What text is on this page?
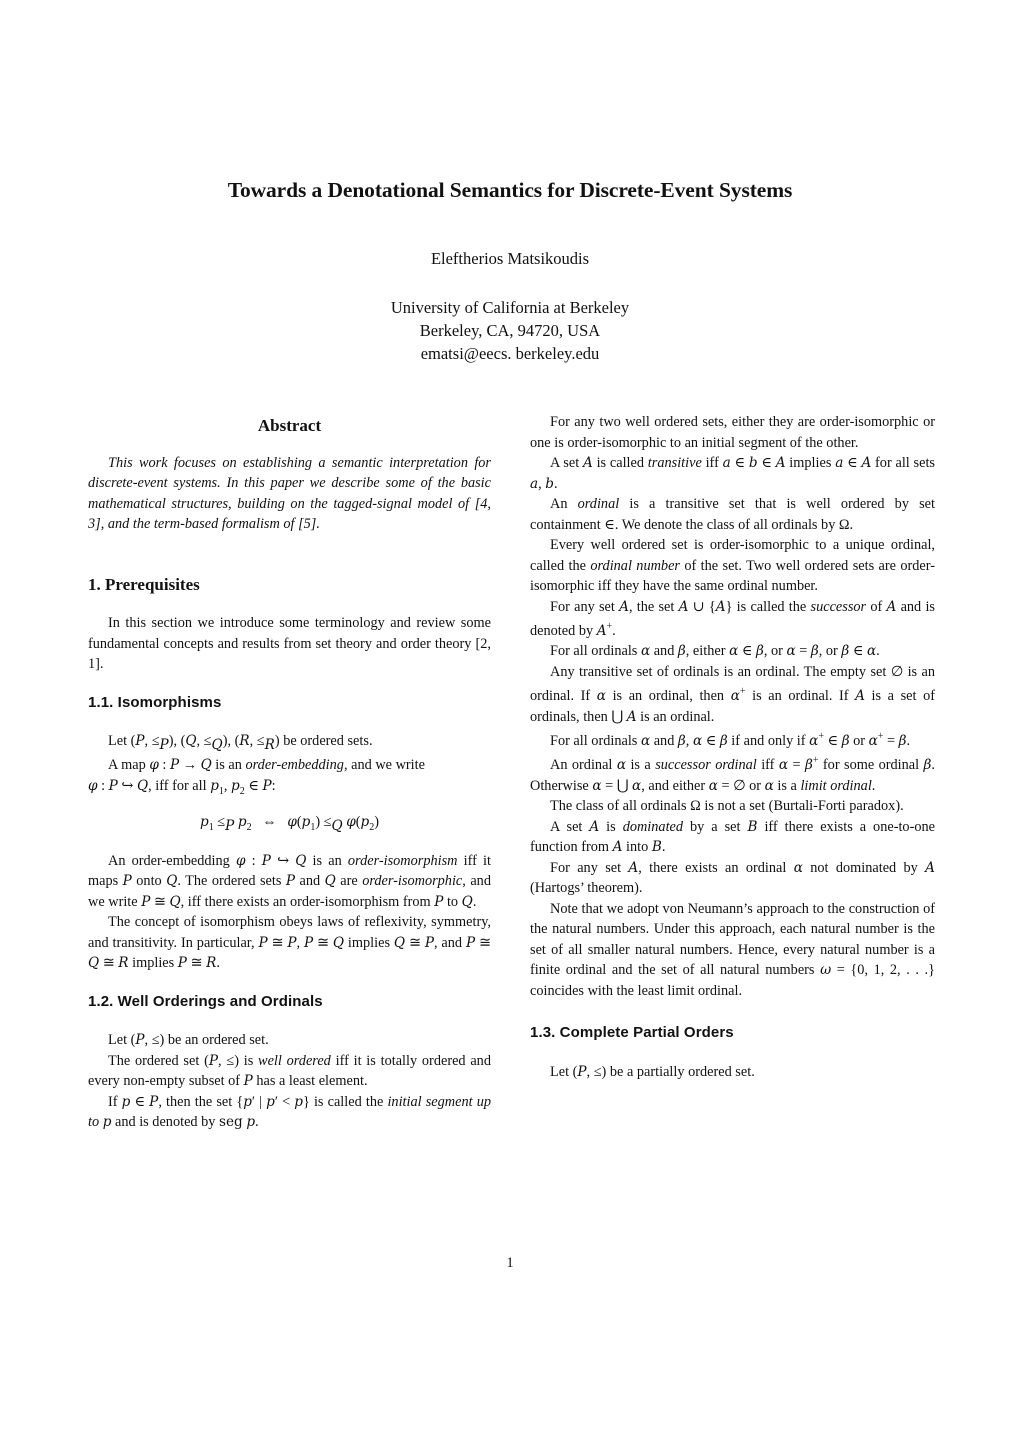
Towards a Denotational Semantics for Discrete-Event Systems
Eleftherios Matsikoudis
University of California at Berkeley
Berkeley, CA, 94720, USA
ematsi@eecs. berkeley.edu
Abstract

This work focuses on establishing a semantic interpretation for discrete-event systems. In this paper we describe some of the basic mathematical structures, building on the tagged-signal model of [4, 3], and the term-based formalism of [5].

1. Prerequisites

In this section we introduce some terminology and review some fundamental concepts and results from set theory and order theory [2, 1].

1.1. Isomorphisms

Let (P, $\le_P$), (Q, $\le_Q$), (R, $\le_R$) be ordered sets.

A map φ : P → Q is an order-embedding, and we write

φ : P ↪ Q, iff for all $p_1$, $p_2$ ∈ P:

$p_1 \le_P$ $p_2$   ⇔   $\varphi(p_1) \le_Q$ $\varphi(p_2)$

An order-embedding φ : P ↪ Q is an order-isomorphism iff it maps P onto Q. The ordered sets P and Q are order-isomorphic, and we write P ≅ Q, iff there exists an order-isomorphism from P to Q.

The concept of isomorphism obeys laws of reflexivity, symmetry, and transitivity. In particular, P ≅ P, P ≅ Q implies Q ≅ P, and P ≅ Q ≅ R implies P ≅ R.

1.2. Well Orderings and Ordinals

Let (P, ≤) be an ordered set.

The ordered set (P, ≤) is well ordered iff it is totally ordered and every non-empty subset of P has a least element.

If p ∈ P, then the set {p′ | p′ < p} is called the initial segment up to p and is denoted by seg p.

For any two well ordered sets, either they are order-isomorphic or one is order-isomorphic to an initial segment of the other.

A set A is called transitive iff a ∈ b ∈ A implies a ∈ A for all sets a, b.

An ordinal is a transitive set that is well ordered by set containment ∈. We denote the class of all ordinals by Ω.

Every well ordered set is order-isomorphic to a unique ordinal, called the ordinal number of the set. Two well ordered sets are order-isomorphic iff they have the same ordinal number.

For any set A, the set A ∪ {A} is called the successor of A and is denoted by A+.

For all ordinals α and β, either α ∈ β, or α = β, or β ∈ α.

Any transitive set of ordinals is an ordinal. The empty set ∅ is an ordinal. If α is an ordinal, then α+ is an ordinal. If A is a set of ordinals, then ⋃ A is an ordinal.

For all ordinals α and β, α ∈ β if and only if α+ ∈ β or α+ = β.

An ordinal α is a successor ordinal iff α = β+ for some ordinal β. Otherwise α = ⋃ α, and either α = ∅ or α is a limit ordinal.

The class of all ordinals Ω is not a set (Burtali-Forti paradox).

A set A is dominated by a set B iff there exists a one-to-one function from A into B.

For any set A, there exists an ordinal α not dominated by A (Hartogs’ theorem).

Note that we adopt von Neumann’s approach to the construction of the natural numbers. Under this approach, each natural number is the set of all smaller natural numbers. Hence, every natural number is a finite ordinal and the set of all natural numbers ω = {0, 1, 2, . . .} coincides with the least limit ordinal.

1.3. Complete Partial Orders

Let (P, ≤) be a partially ordered set.

1
